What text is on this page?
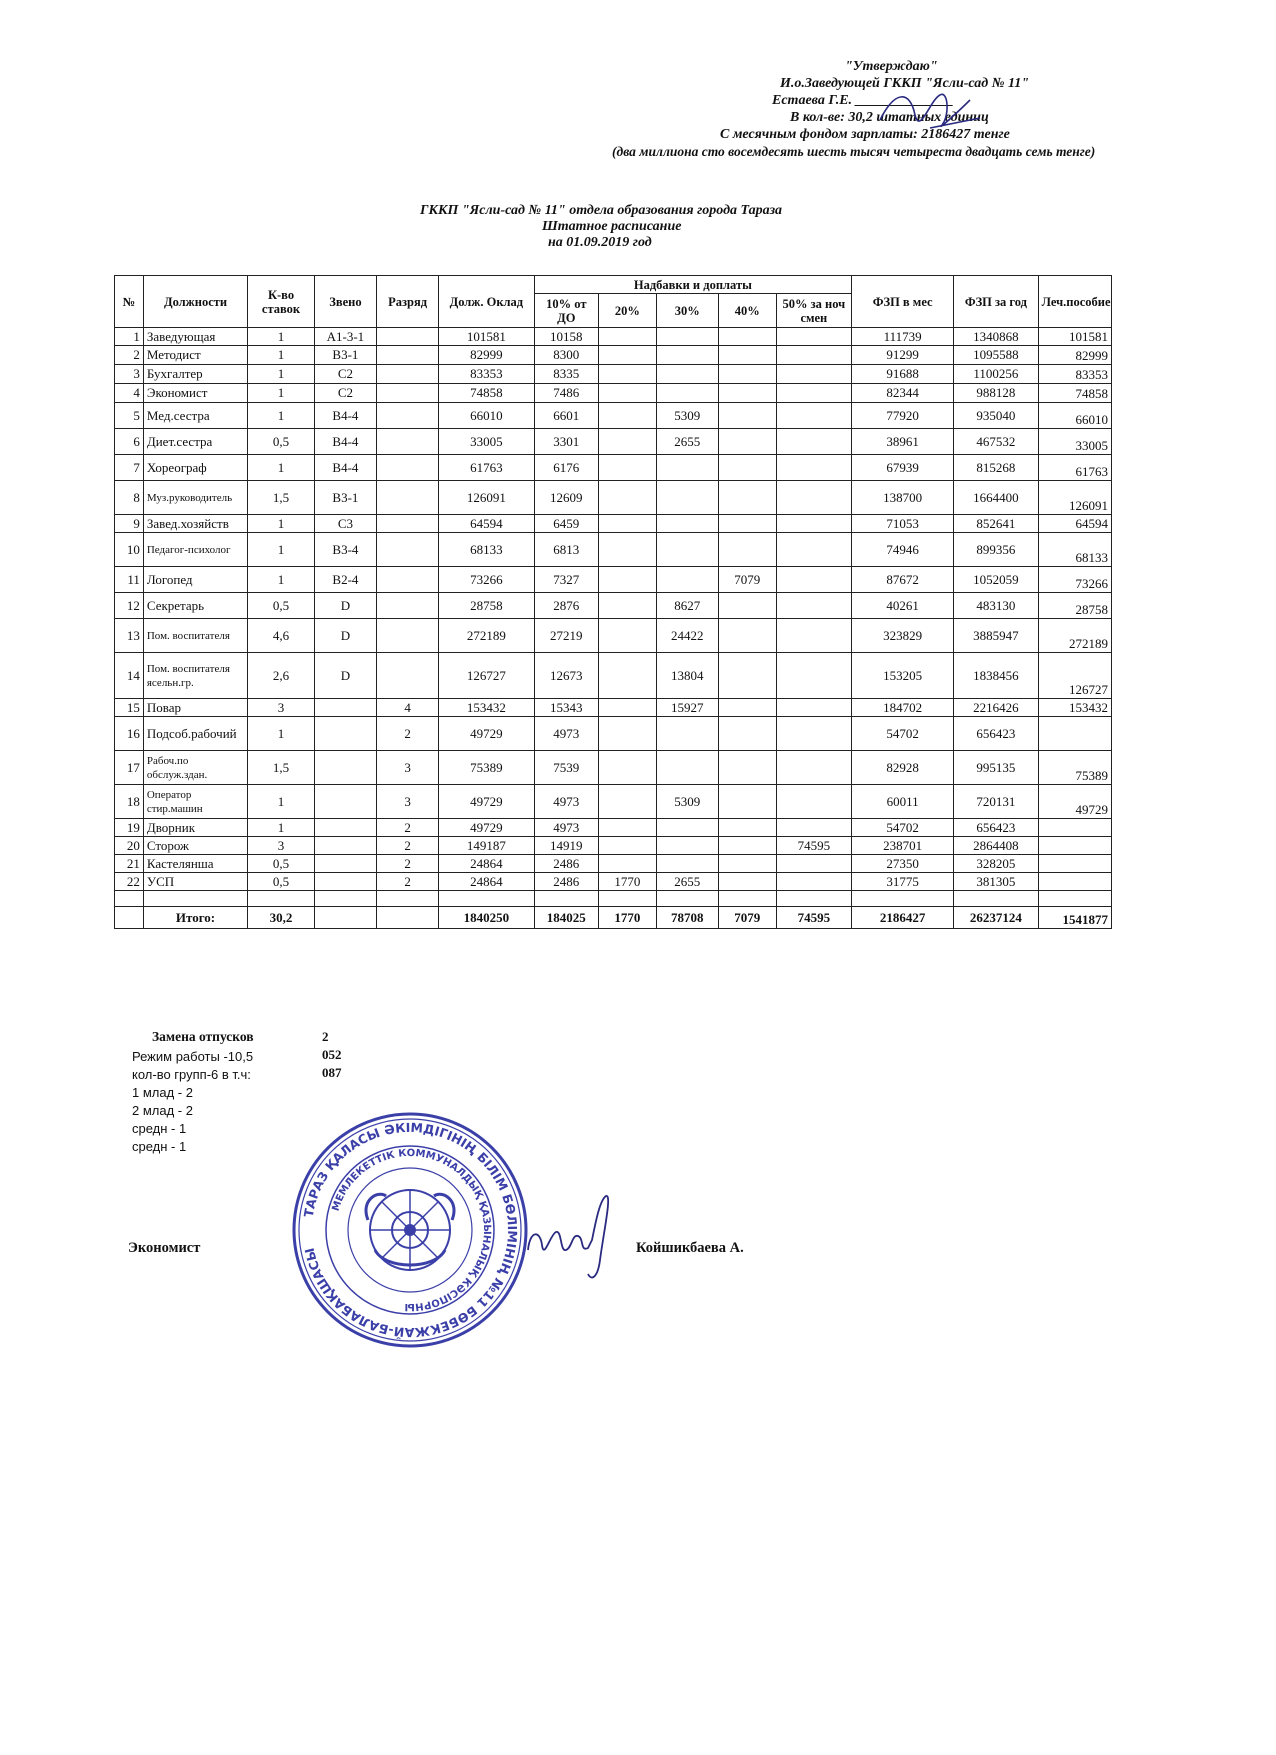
"Утверждаю"
И.о.Заведующей ГККП "Ясли-сад № 11"
Естаева Г.Е. ______________
В кол-ве: 30,2 штатных единиц
С месячным фондом зарплаты: 2186427 тенге
(два миллиона сто восемдесять шесть тысяч четыреста двадцать семь тенге)
ГККП "Ясли-сад № 11" отдела образования города Тараза
Штатное расписание
на 01.09.2019 год
№	Должности	К-во ставок	Звено	Разряд	Долж. Оклад	Надбавки и доплаты					ФЗП в мес	ФЗП за год	Леч.пособие
						10% от ДО	20%	30%	40%	50% за ноч смен			
1	Заведующая	1	А1-3-1		101581	10158					111739	1340868	101581
2	Методист	1	В3-1		82999	8300					91299	1095588	82999
3	Бухгалтер	1	С2		83353	8335					91688	1100256	83353
4	Экономист	1	С2		74858	7486					82344	988128	74858
5	Мед.сестра	1	В4-4		66010	6601		5309			77920	935040	66010
6	Диет.сестра	0,5	В4-4		33005	3301		2655			38961	467532	33005
7	Хореограф	1	В4-4		61763	6176					67939	815268	61763
8	Муз.руководитель	1,5	В3-1		126091	12609					138700	1664400	126091
9	Завед.хозяйств	1	С3		64594	6459					71053	852641	64594
10	Педагог-психолог	1	В3-4		68133	6813					74946	899356	68133
11	Логопед	1	В2-4		73266	7327			7079		87672	1052059	73266
12	Секретарь	0,5	D		28758	2876		8627			40261	483130	28758
13	Пом. воспитателя	4,6	D		272189	27219		24422			323829	3885947	272189
14	Пом. воспитателя ясельн.гр.	2,6	D		126727	12673		13804			153205	1838456	126727
15	Повар	3		4	153432	15343		15927			184702	2216426	153432
16	Подсоб.рабочий	1		2	49729	4973					54702	656423	
17	Рабоч.по обслуж.здан.	1,5		3	75389	7539					82928	995135	75389
18	Оператор стир.машин	1		3	49729	4973		5309			60011	720131	49729
19	Дворник	1		2	49729	4973					54702	656423	
20	Сторож	3		2	149187	14919				74595	238701	2864408	
21	Кастелянша	0,5		2	24864	2486					27350	328205	
22	УСП	0,5		2	24864	2486	1770	2655			31775	381305	

	Итого:	30,2			1840250	184025	1770	78708	7079	74595	2186427	26237124	1541877
Замена отпусков	2 052 087
Режим работы -10,5
кол-во групп-6 в т.ч:
1 млад - 2
2 млад - 2
средн - 1
средн - 1
ТАРАЗ ҚАЛАСЫ ӘКІМДІГІНІҢ БІЛІМ БӨЛІМІНІҢ №11 БӨБЕКЖАЙ-БАЛАБАҚШАСЫ
МЕМЛЕКЕТТІК КОММУНАЛДЫҚ ҚАЗЫНАЛЫҚ КӘСІПОРНЫ
Экономист	Койшикбаева А.
